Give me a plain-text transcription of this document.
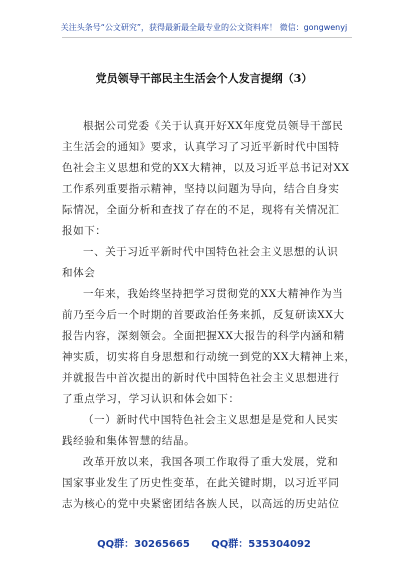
关注头条号“公文研究”，获得最新最全最专业的公文资料库！ 微信：gongwenyj
党员领导干部民主生活会个人发言提纲（3）
根据公司党委《关于认真开好XX年度党员领导干部民
主生活会的通知》要求，认真学习了习近平新时代中国特
色社会主义思想和党的XX大精神，以及习近平总书记对XX
工作系列重要指示精神，坚持以问题为导向，结合自身实
际情况，全面分析和查找了存在的不足，现将有关情况汇
报如下：
一、关于习近平新时代中国特色社会主义思想的认识
和体会
一年来，我始终坚持把学习贯彻党的XX大精神作为当
前乃至今后一个时期的首要政治任务来抓，反复研读XX大
报告内容，深刻领会。全面把握XX大报告的科学内涵和精
神实质，切实将自身思想和行动统一到党的XX大精神上来，
并就报告中首次提出的新时代中国特色社会主义思想进行
了重点学习，学习认识和体会如下：
（一）新时代中国特色社会主义思想是是党和人民实
践经验和集体智慧的结晶。
改革开放以来，我国各项工作取得了重大发展，党和
国家事业发生了历史性变革，在此关键时期，以习近平同
志为核心的党中央紧密团结各族人民，以高远的历史站位
QQ群：30265665 QQ群：535304092
